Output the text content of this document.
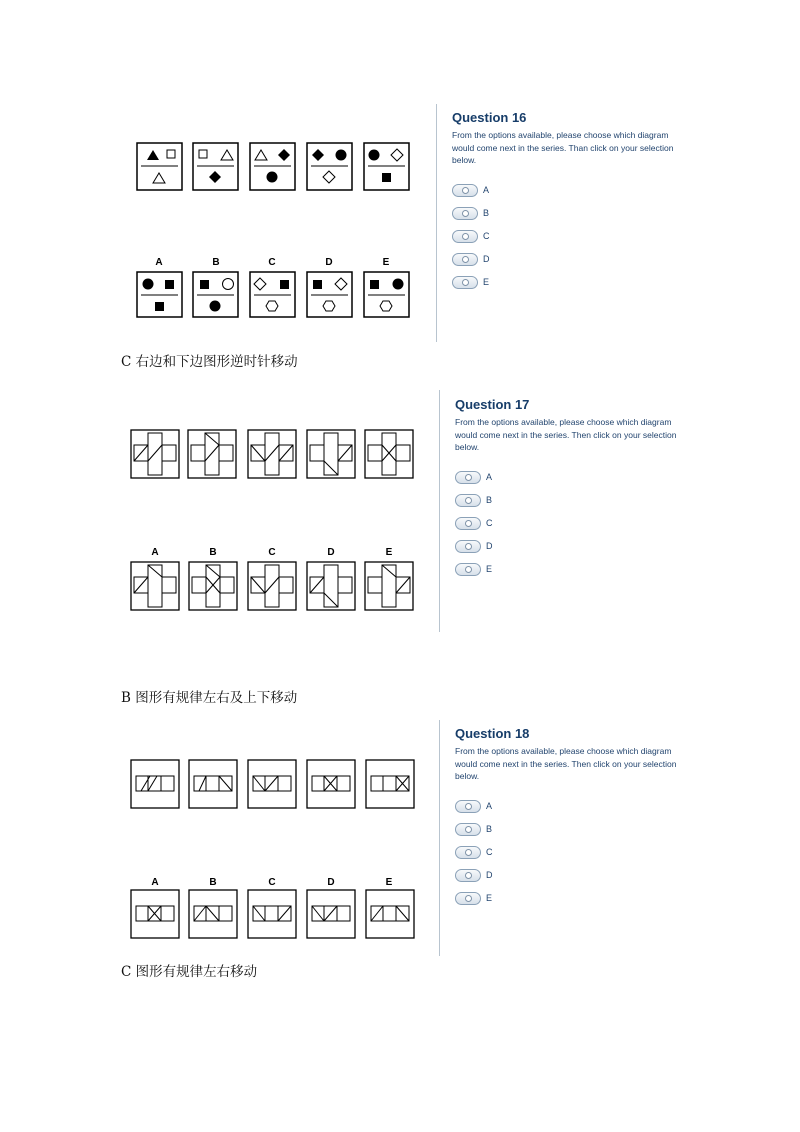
A	B	C	D	E
Question 16
From the options available, please choose which diagram would come next in the series. Than click on your selection below.
A
B
C
D
E
C 右边和下边图形逆时针移动
A	B	C	D	E
Question 17
From the options available, please choose which diagram would come next in the series. Then click on your selection below.
A
B
C
D
E
B 图形有规律左右及上下移动
A	B	C	D	E
Question 18
From the options available, please choose which diagram would come next in the series. Then click on your selection below.
A
B
C
D
E
C 图形有规律左右移动
